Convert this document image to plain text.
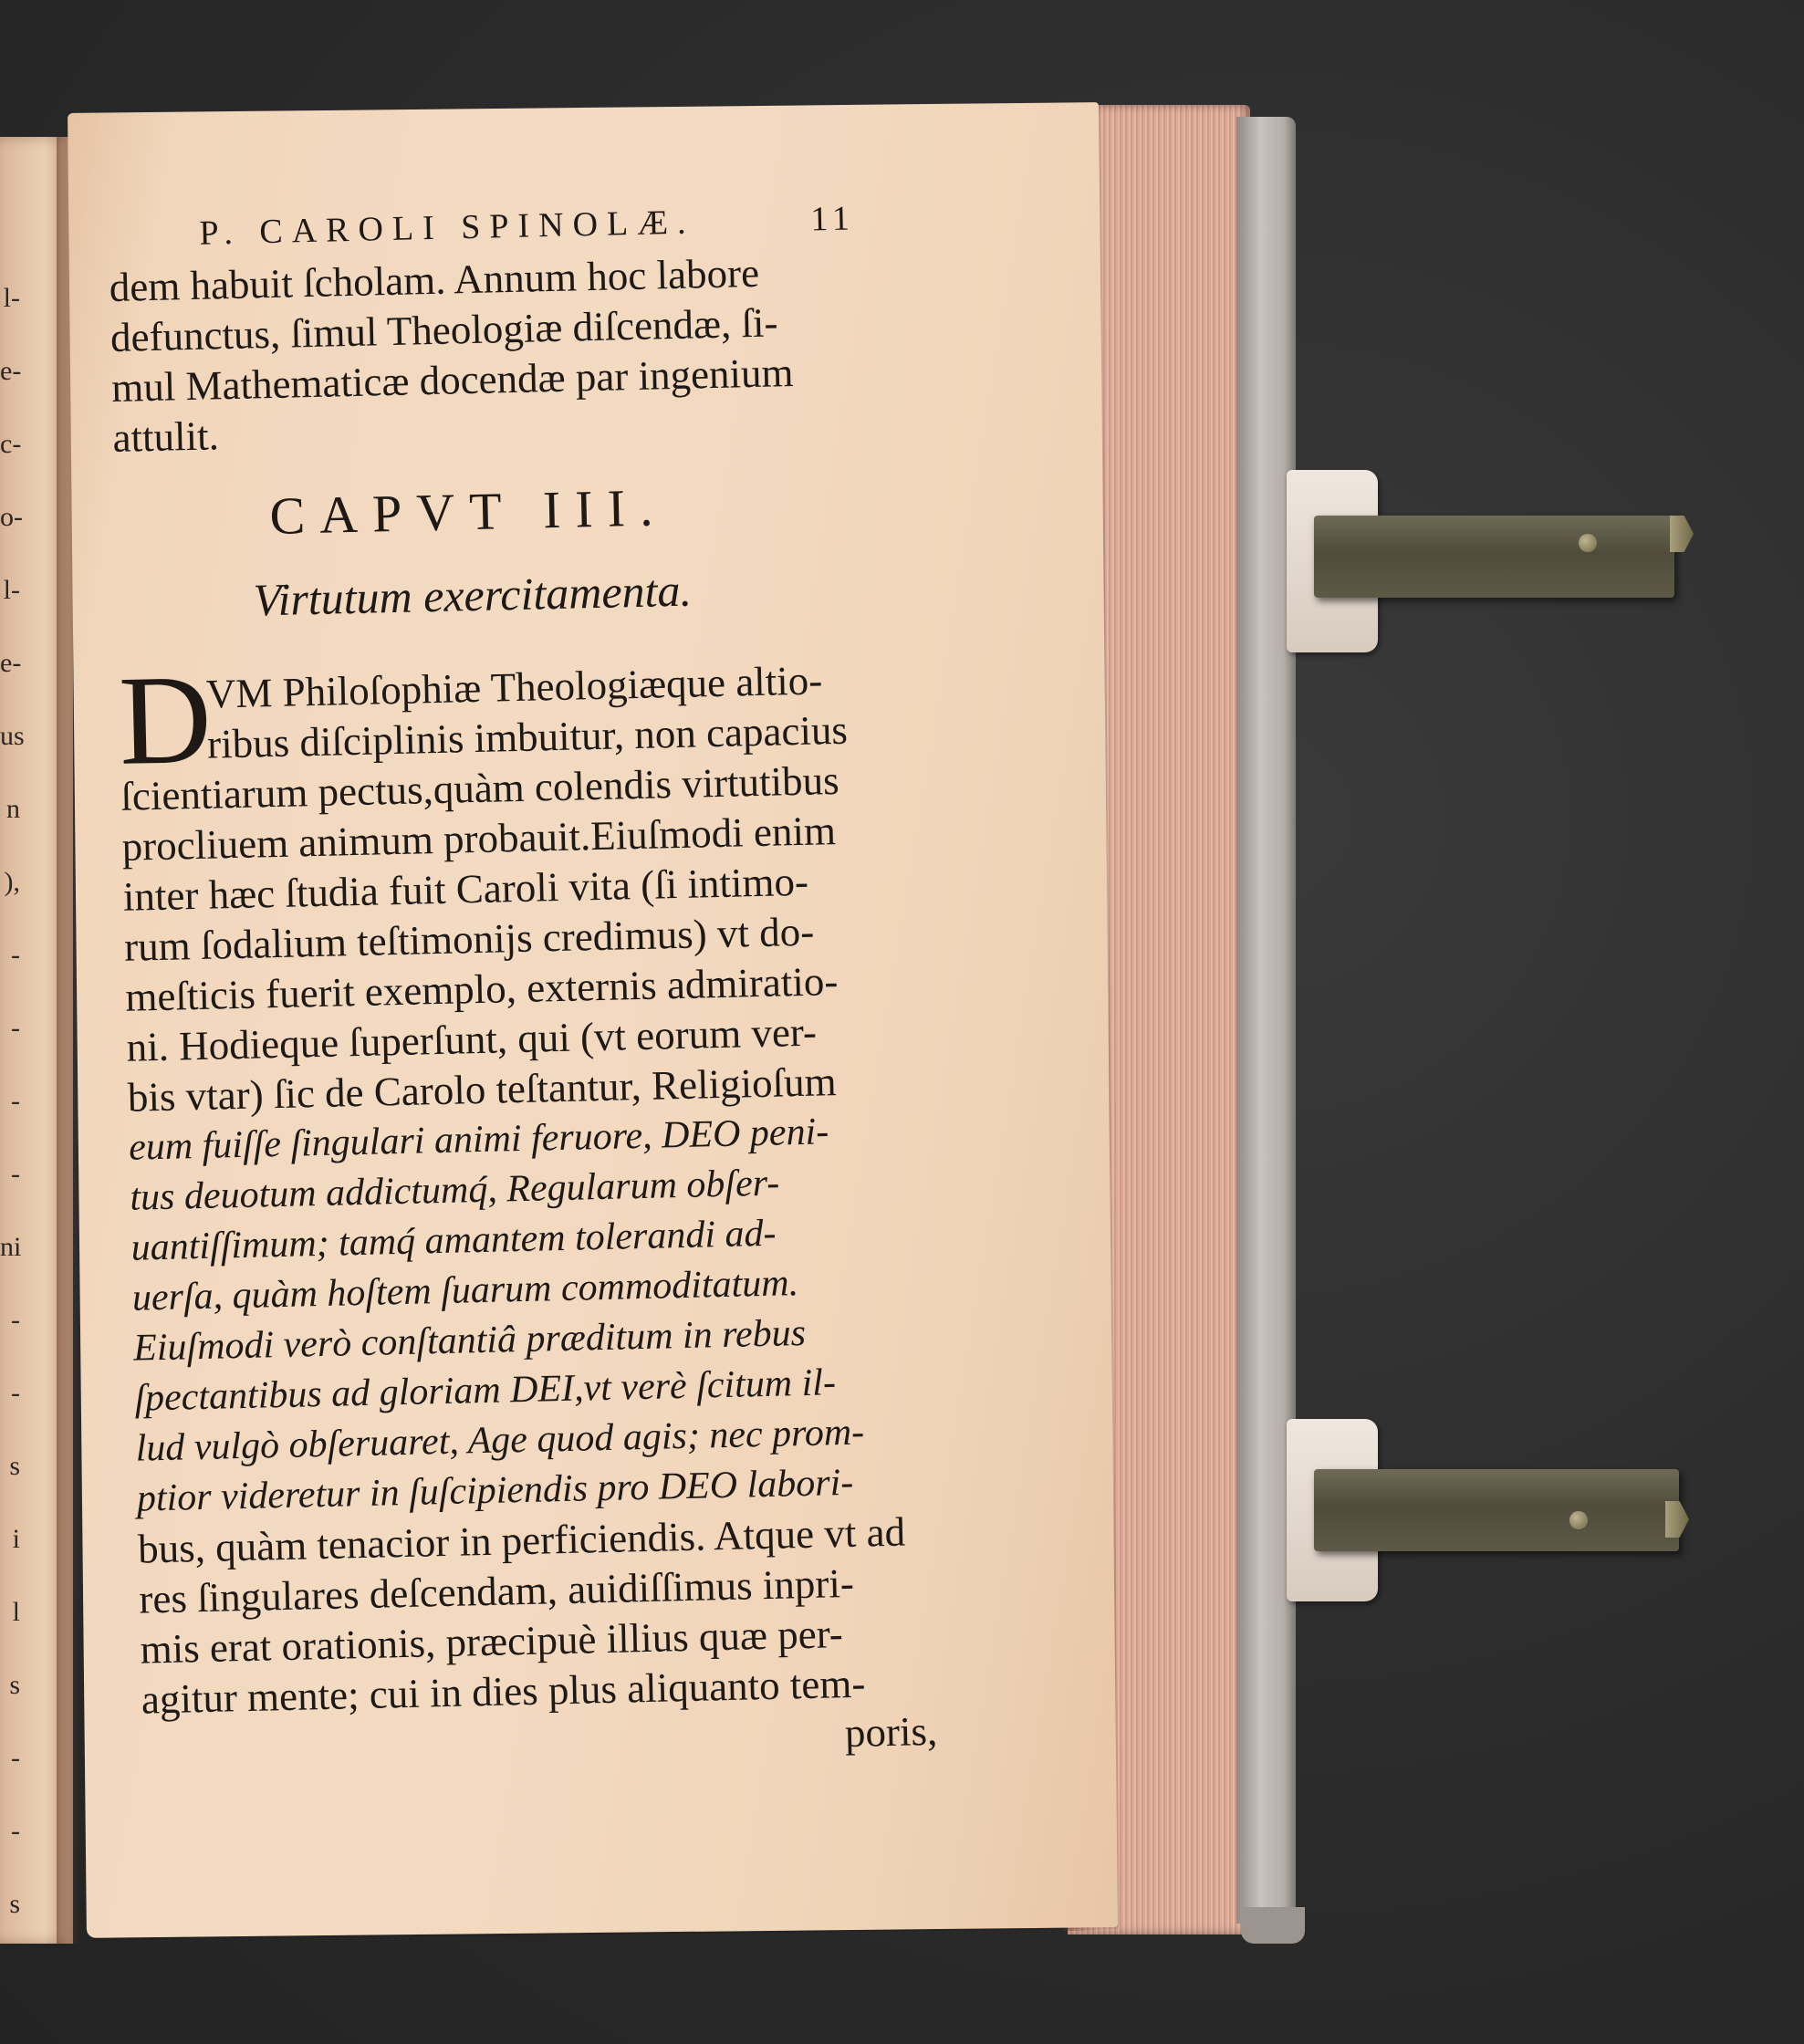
l-
e-
c-
o-
l-
e-
us
n
),
-
-
-
-
ni
-
-
s
i
l
s
-
-
s
P. CAROLI SPINOLÆ.	11
dem habuit ſcholam. Annum hoc labore
defunctus, ſimul Theologiæ diſcendæ, ſi-
mul Mathematicæ docendæ par ingenium
attulit.
CAPVT III.
Virtutum exercitamenta.
D
VM Philoſophiæ Theologiæque altio-
ribus diſciplinis imbuitur, non capacius
ſcientiarum pectus,quàm colendis virtutibus
procliuem animum probauit.Eiuſmodi enim
inter hæc ſtudia fuit Caroli vita (ſi intimo-
rum ſodalium teſtimonijs credimus) vt do-
meſticis fuerit exemplo, externis admiratio-
ni. Hodieque ſuperſunt, qui (vt eorum ver-
bis vtar) ſic de Carolo teſtantur, Religioſum
eum fuiſſe ſingulari animi feruore, DEO peni-
tus deuotum addictumq́, Regularum obſer-
uantiſſimum; tamq́ amantem tolerandi ad-
uerſa, quàm hoſtem ſuarum commoditatum.
Eiuſmodi verò conſtantiâ præditum in rebus
ſpectantibus ad gloriam DEI,vt verè ſcitum il-
lud vulgò obſeruaret, Age quod agis; nec prom-
ptior videretur in ſuſcipiendis pro DEO labori-
bus, quàm tenacior in perficiendis. Atque vt ad
res ſingulares deſcendam, auidiſſimus inpri-
mis erat orationis, præcipuè illius quæ per-
agitur mente; cui in dies plus aliquanto tem-
poris,
